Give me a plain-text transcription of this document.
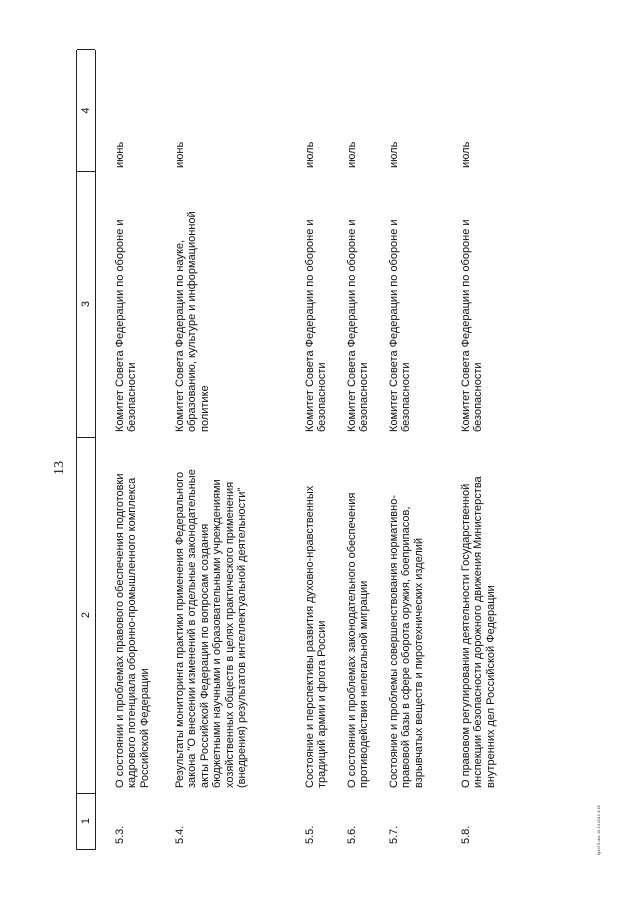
13
1
2
3
4
5.3.
О состоянии и проблемах правового обеспечения подготовки кадрового потенциала оборонно-промышленного комплекса Российской Федерации
Комитет Совета Федерации по обороне и безопасности
июнь
5.4.
Результаты мониторинга практики применения Федерального закона "О внесении изменений в отдельные законодательные акты Российской Федерации по вопросам создания бюджетными научными и образовательными учреждениями хозяйственных обществ в целях практического применения (внедрения) результатов интеллектуальной деятельности"
Комитет Совета Федерации по науке, образованию, культуре и информационной политике
июнь
5.5.
Состояние и перспективы развития духовно-нравственных традиций армии и флота России
Комитет Совета Федерации по обороне и безопасности
июль
5.6.
О состоянии и проблемах законодательного обеспечения противодействия нелегальной миграции
Комитет Совета Федерации по обороне и безопасности
июль
5.7.
Состояние и проблемы совершенствования нормативно-правовой базы в сфере оборота оружия, боеприпасов, взрывчатых веществ и пиротехнических изделий
Комитет Совета Федерации по обороне и безопасности
июль
5.8.
О правовом регулировании деятельности Государственной инспекции безопасности дорожного движения Министерства внутренних дел Российской Федерации
Комитет Совета Федерации по обороне и безопасности
июль
fg1473.doc 16.13.2012 4:45
